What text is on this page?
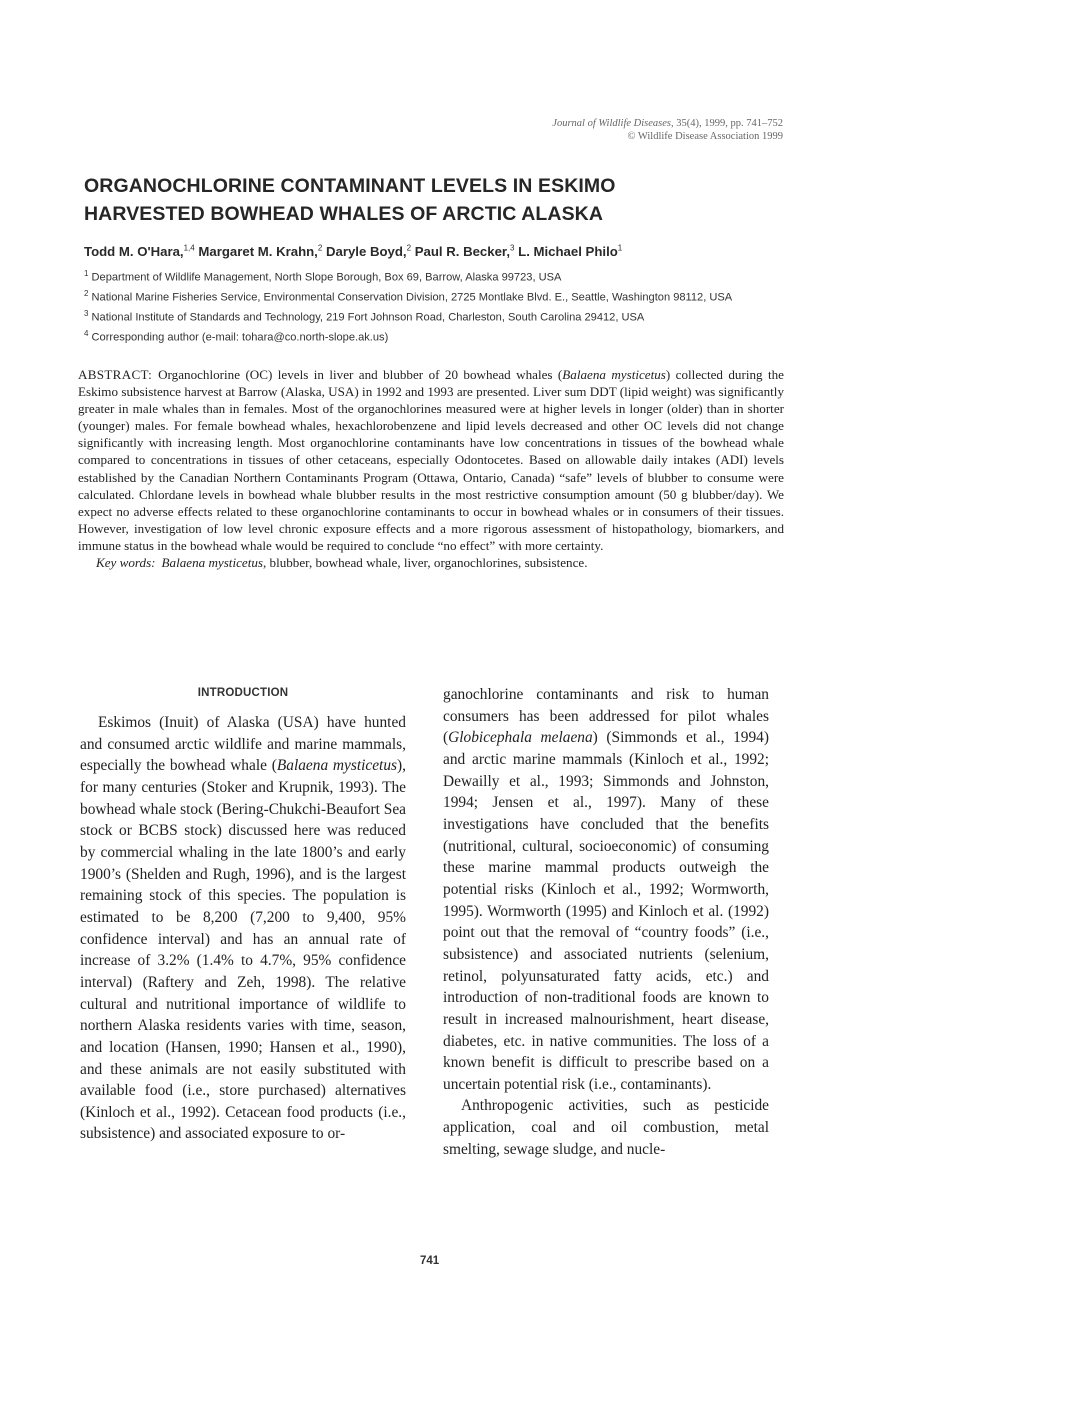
Journal of Wildlife Diseases, 35(4), 1999, pp. 741–752
© Wildlife Disease Association 1999
ORGANOCHLORINE CONTAMINANT LEVELS IN ESKIMO
HARVESTED BOWHEAD WHALES OF ARCTIC ALASKA
Todd M. O'Hara,$^{1,4}$ Margaret M. Krahn,$^2$ Daryle Boyd,$^2$ Paul R. Becker,$^3$ L. Michael Philo$^1$
$^1$ Department of Wildlife Management, North Slope Borough, Box 69, Barrow, Alaska 99723, USA
$^2$ National Marine Fisheries Service, Environmental Conservation Division, 2725 Montlake Blvd. E., Seattle, Washington 98112, USA
$^3$ National Institute of Standards and Technology, 219 Fort Johnson Road, Charleston, South Carolina 29412, USA
$^4$ Corresponding author (e-mail: tohara@co.north-slope.ak.us)
ABSTRACT: Organochlorine (OC) levels in liver and blubber of 20 bowhead whales (Balaena mysticetus) collected during the Eskimo subsistence harvest at Barrow (Alaska, USA) in 1992 and 1993 are presented. Liver sum DDT (lipid weight) was significantly greater in male whales than in females. Most of the organochlorines measured were at higher levels in longer (older) than in shorter (younger) males. For female bowhead whales, hexachlorobenzene and lipid levels decreased and other OC levels did not change significantly with increasing length. Most organochlorine contaminants have low concentrations in tissues of the bowhead whale compared to concentrations in tissues of other cetaceans, especially Odontocetes. Based on allowable daily intakes (ADI) levels established by the Canadian Northern Contaminants Program (Ottawa, Ontario, Canada) “safe” levels of blubber to consume were calculated. Chlordane levels in bowhead whale blubber results in the most restrictive consumption amount (50 g blubber/day). We expect no adverse effects related to these organochlorine contaminants to occur in bowhead whales or in consumers of their tissues. However, investigation of low level chronic exposure effects and a more rigorous assessment of histopathology, biomarkers, and immune status in the bowhead whale would be required to conclude “no effect” with more certainty.
Key words: Balaena mysticetus, blubber, bowhead whale, liver, organochlorines, subsistence.
INTRODUCTION

Eskimos (Inuit) of Alaska (USA) have hunted and consumed arctic wildlife and marine mammals, especially the bowhead whale (Balaena mysticetus), for many centuries (Stoker and Krupnik, 1993). The bowhead whale stock (Bering-Chukchi-Beaufort Sea stock or BCBS stock) discussed here was reduced by commercial whaling in the late 1800’s and early 1900’s (Shelden and Rugh, 1996), and is the largest remaining stock of this species. The population is estimated to be 8,200 (7,200 to 9,400, 95% confidence interval) and has an annual rate of increase of 3.2% (1.4% to 4.7%, 95% confidence interval) (Raftery and Zeh, 1998). The relative cultural and nutritional importance of wildlife to northern Alaska residents varies with time, season, and location (Hansen, 1990; Hansen et al., 1990), and these animals are not easily substituted with available food (i.e., store purchased) alternatives (Kinloch et al., 1992). Cetacean food products (i.e., subsistence) and associated exposure to or-

ganochlorine contaminants and risk to human consumers has been addressed for pilot whales (Globicephala melaena) (Simmonds et al., 1994) and arctic marine mammals (Kinloch et al., 1992; Dewailly et al., 1993; Simmonds and Johnston, 1994; Jensen et al., 1997). Many of these investigations have concluded that the benefits (nutritional, cultural, socioeconomic) of consuming these marine mammal products outweigh the potential risks (Kinloch et al., 1992; Wormworth, 1995). Wormworth (1995) and Kinloch et al. (1992) point out that the removal of “country foods” (i.e., subsistence) and associated nutrients (selenium, retinol, polyunsaturated fatty acids, etc.) and introduction of non-traditional foods are known to result in increased malnourishment, heart disease, diabetes, etc. in native communities. The loss of a known benefit is difficult to prescribe based on a uncertain potential risk (i.e., contaminants).

Anthropogenic activities, such as pesticide application, coal and oil combustion, metal smelting, sewage sludge, and nucle-

741
